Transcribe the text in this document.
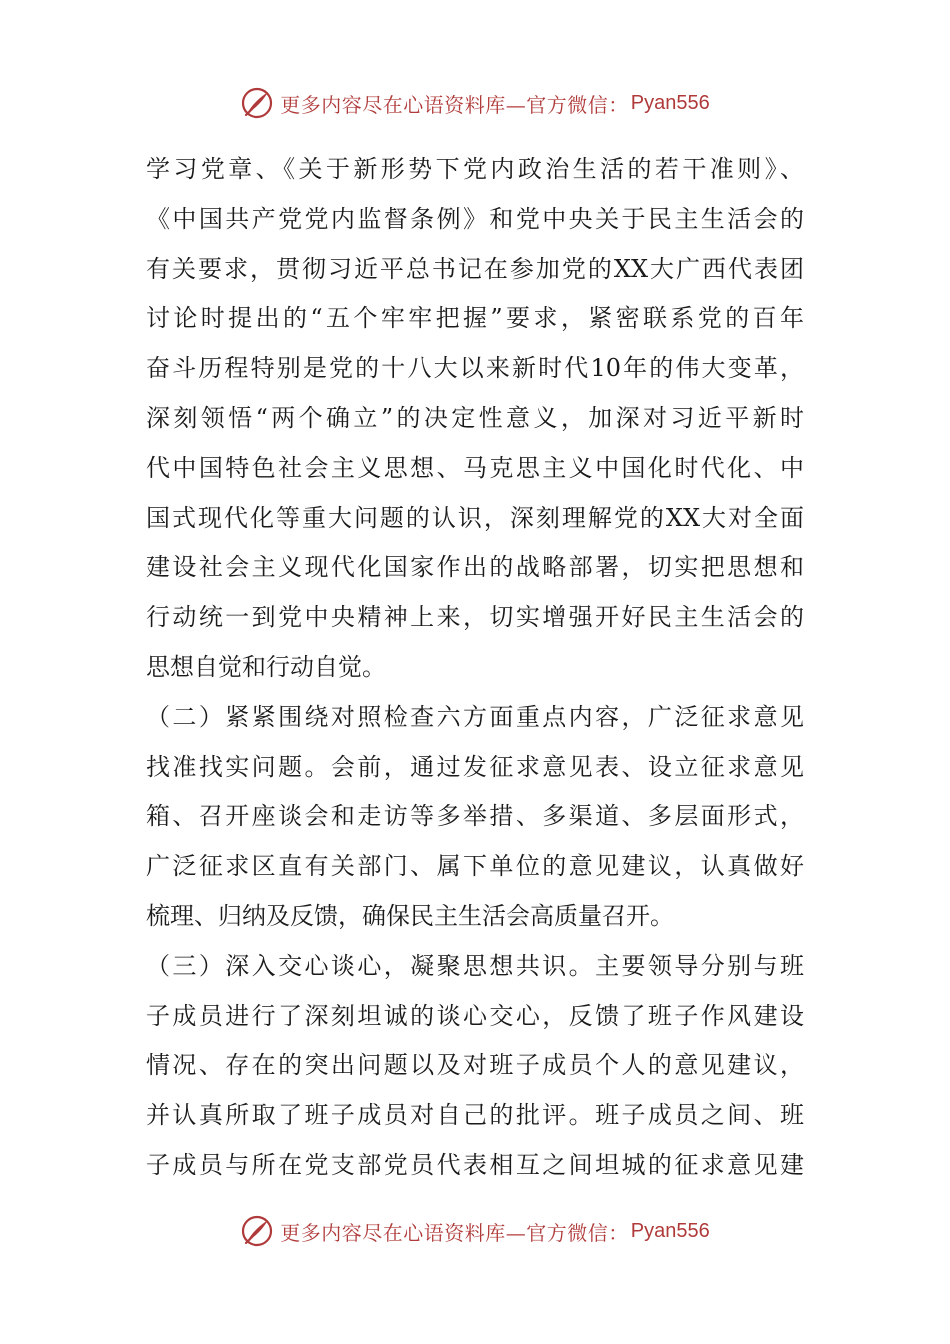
更多内容尽在心语资料库—官方微信： Pyan556
学习党章、《关于新形势下党内政治生活的若干准则》、
《中国共产党党内监督条例》和党中央关于民主生活会的
有关要求，贯彻习近平总书记在参加党的XX大广西代表团
讨论时提出的“五个牢牢把握”要求，紧密联系党的百年
奋斗历程特别是党的十八大以来新时代10年的伟大变革，
深刻领悟“两个确立”的决定性意义，加深对习近平新时
代中国特色社会主义思想、马克思主义中国化时代化、中
国式现代化等重大问题的认识，深刻理解党的XX大对全面
建设社会主义现代化国家作出的战略部署，切实把思想和
行动统一到党中央精神上来，切实增强开好民主生活会的
思想自觉和行动自觉。
（二）紧紧围绕对照检查六方面重点内容，广泛征求意见
找准找实问题。会前，通过发征求意见表、设立征求意见
箱、召开座谈会和走访等多举措、多渠道、多层面形式，
广泛征求区直有关部门、属下单位的意见建议，认真做好
梳理、归纳及反馈，确保民主生活会高质量召开。
（三）深入交心谈心，凝聚思想共识。主要领导分别与班
子成员进行了深刻坦诚的谈心交心，反馈了班子作风建设
情况、存在的突出问题以及对班子成员个人的意见建议，
并认真所取了班子成员对自己的批评。班子成员之间、班
子成员与所在党支部党员代表相互之间坦城的征求意见建
更多内容尽在心语资料库—官方微信： Pyan556
